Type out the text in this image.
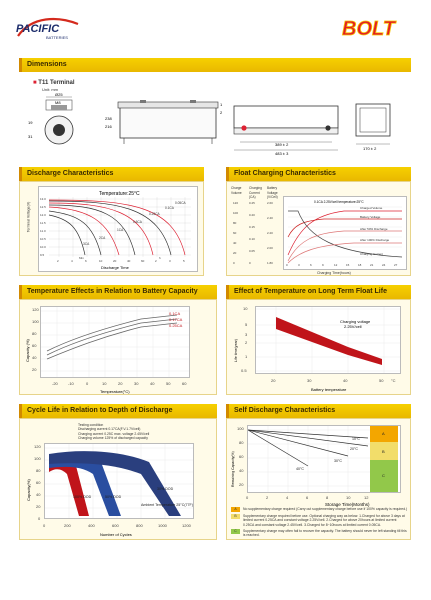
PACIFIC
BATTERIES	BOLT
Dimensions
■ T11 Terminal
Unit: mm
Ø25
M8
19
31
238
216
1
2
389 ± 2
483 ± 3
170 ± 2
Discharge Characteristics
Temperature:25°C
3CA
2CA
1CA
0.6CA
0.25CA
0.1CA
0.05CA
13.0
12.5
12.0
11.5
11.0
10.5
10.0
9.5
2	4	6	10	20	40	60	2	3	5
Min	h
Discharge Time
Terminal Voltage(V)
Float Charging Characteristics
Charge Volume
Charging Current (CA)
Battery Voltage (V/Cell)
0.1CA 2.25V/cell temperature:25°C
Charged Volume
Battery Voltage
Charging Current
After 50% Discharge
After 100% Discharge
0	3	6	9	12	15	18	21	24	27
120
100
80
60
40
20
0
0.25
0.20
0.15
0.10
0.05
0
2.60
2.40
2.20
2.00
1.80
Charging Time(hours)
Temperature Effects in Relation to Battery Capacity
0.1CA
0.17CA
0.25CA
120
100
80
60
40
20
-20	-10	0	10	20	30	40	50	60
Temperature(°C)
Capacity (%)
Effect of Temperature on Long Term Float Life
Charging voltage
2.25V/cell
10
5
3
2
1
0.5
20	30	40	50 °C
Battery temperature
Life time(year)
Cycle Life in Relation to Depth of Discharge
Testing condition
Discharging current 0.17CA(F.V.1.7V/cell)
Charging current 0.25C max. voltage 2.45V/cell
Charging volume 125% of discharged capacity
100% DOD	50% DOD
30% DOD
Ambient Temperature 25°C(77F)
120
100
80
60
40
20
0
0	200	400	600	800	1000	1200
Number of Cycles
Capacity(%)
Self Discharge Characteristics
A
B
C
40°C
30°C
20°C
10°C
100
80
60
40
20
0	2	4	6	8	10	12
Storage Time(Months)
Remaining Capacity(%)
A	No supplementary charge required (Carry out supplementary charge before use if 100% capacity is required.)
B	Supplementary charge required before use. Optional charging way as below: 1.Charged for above 3 days at limited current 0.25CA and constant voltage 2.25V/cell. 2.Charged for above 20hours at limited current 0.25CA and constant voltage 2.45V/cell. 3.Charged for 8~10hours at limited current 0.05CA.
C	Supplementary charge may often fail to recover the capacity. The battery should never be left standing till this is reached.
